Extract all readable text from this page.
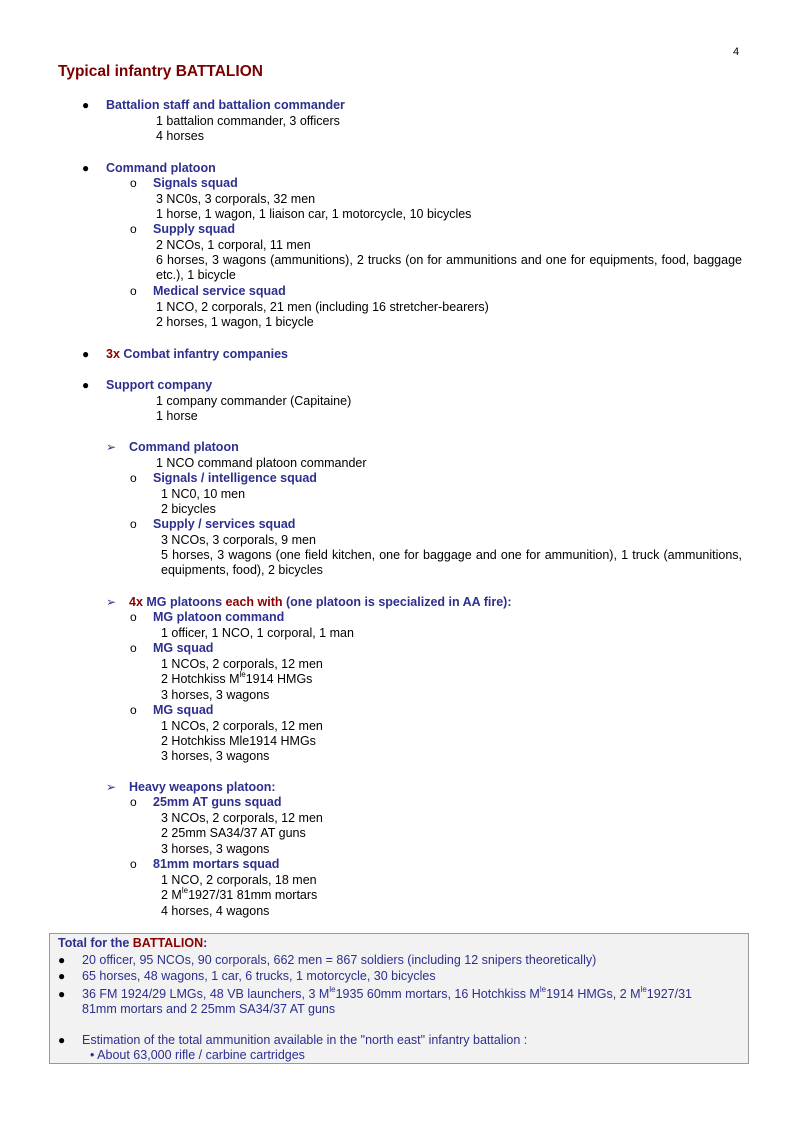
4
Typical infantry BATTALION
● Battalion staff and battalion commander
1 battalion commander, 3 officers
4 horses
● Command platoon
o Signals squad
3 NC0s, 3 corporals, 32 men
1 horse, 1 wagon, 1 liaison car, 1 motorcycle, 10 bicycles
o Supply squad
2 NCOs, 1 corporal, 11 men
6 horses, 3 wagons (ammunitions), 2 trucks (on for ammunitions and one for equipments, food, baggage etc.), 1 bicycle
o Medical service squad
1 NCO, 2 corporals, 21 men (including 16 stretcher-bearers)
2 horses, 1 wagon, 1 bicycle
● 3x Combat infantry companies
● Support company
1 company commander (Capitaine)
1 horse
➢ Command platoon
1 NCO command platoon commander
o Signals / intelligence squad
1 NC0, 10 men
2 bicycles
o Supply / services squad
3 NCOs, 3 corporals, 9 men
5 horses, 3 wagons (one field kitchen, one for baggage and one for ammunition), 1 truck (ammunitions, equipments, food), 2 bicycles
➢ 4x MG platoons each with (one platoon is specialized in AA fire):
o MG platoon command
1 officer, 1 NCO, 1 corporal, 1 man
o MG squad
1 NCOs, 2 corporals, 12 men
2 Hotchkiss $M^{le}1914$ HMGs
3 horses, 3 wagons
o MG squad
1 NCOs, 2 corporals, 12 men
2 Hotchkiss Mle1914 HMGs
3 horses, 3 wagons
➢ Heavy weapons platoon:
o 25mm AT guns squad
3 NCOs, 2 corporals, 12 men
2 25mm SA34/37 AT guns
3 horses, 3 wagons
o 81mm mortars squad
1 NCO, 2 corporals, 18 men
2 $M^{le}1927/31$ 81mm mortars
4 horses, 4 wagons
Total for the BATTALION:
● 20 officer, 95 NCOs, 90 corporals, 662 men = 867 soldiers (including 12 snipers theoretically)
● 65 horses, 48 wagons, 1 car, 6 trucks, 1 motorcycle, 30 bicycles
● 36 FM 1924/29 LMGs, 48 VB launchers, 3 $M^{le}1935$ 60mm mortars, 16 Hotchkiss $M^{le}1914$ HMGs, 2 $M^{le}1927/31$
81mm mortars and 2 25mm SA34/37 AT guns
● Estimation of the total ammunition available in the "north east" infantry battalion :
• About 63,000 rifle / carbine cartridges
